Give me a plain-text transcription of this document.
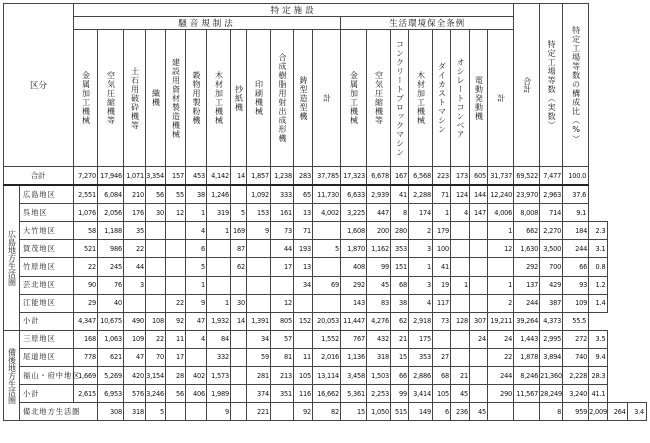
区分		特定施設																				合計	特定工場等数（実数）	特定工場等数の構成比（%）			
		騒音規制法												生活環境保全条例													
		金属加工機械	空気圧縮機等	土石用破砕機等	織機	建設用資材製造機械	穀物用製粉機	木材加工機械	抄紙機	印刷機械	合成樹脂用射出成形機	鋳型造型機	計	金属加工機械	空気圧縮機等	コンクリートブロックマシン	木材加工機械	ダイカストマシン	オシレートコンベア	電動発動機	計						
合計		7,270	17,946	1,071	3,354	157	453	4,142	14	1,857	1,238	283	37,785	17,323	6,678	167	6,568	223	173	605	31,737	69,522	7,477	100.0			
広島地方生活圏	広島地区	2,551	6,084	210	56	55	38	1,246		1,092	333	65	11,730	6,633	2,939	41	2,288	71	124	144	12,240	23,970	2,963	37.6			
	呉地区	1,076	2,056	176	30	12	1	319	5	153	161	13	4,002	3,225	447	8	174	1	4	147	4,006	8,008	714	9.1			
	大竹地区	58	1,188	35			4	1	169	9	73	71		1,608	200	280	2	179			1	662	2,270	184	2.3		
	賀茂地区	521	986	22			6		87		44	193	5	1,870	1,162	353	3	100			12	1,630	3,500	244	3.1		
	竹原地区	22	245	44			5		62		17	13		408	99	151	1	41				292	700	66	0.8		
	芸北地区	90	76	3			1					34	69	292	45	68	3	19	1		1	137	429	93	1.2		
	江能地区	29	40			22	9	1	30		12			143	83	38	4	117			2	244	387	109	1.4		
	小計	4,347	10,675	490	108	92	47	1,932	14	1,391	805	152	20,053	11,447	4,276	62	2,918	73	128	307	19,211	39,264	4,373	55.5			
備後地方生活圏	三原地区	168	1,063	109	22	11	4	84		34	57		1,552	767	432	21	175			24	24	1,443	2,995	272	3.5		
	尾道地区	778	621	47	70	17		332		59	81	11	2,016	1,136	318	15	353	27			22	1,878	3,894	740	9.4		
	福山・府中地区	1,669	5,269	420	3,154	28	402	1,573		281	213	105	13,114	3,458	1,503	66	2,886	68	21		244	8,246	21,360	2,228	28.3		
	小計	2,615	6,953	576	3,246	56	406	1,989		374	351	116	16,662	5,361	2,253	99	3,414	105	45		290	11,567	28,249	3,240	41.1		
	備北地方生活圏		308	318	5			9		221		92	82	15	1,050	515	149	6	236	45			8	959	2,009	264	3.4
